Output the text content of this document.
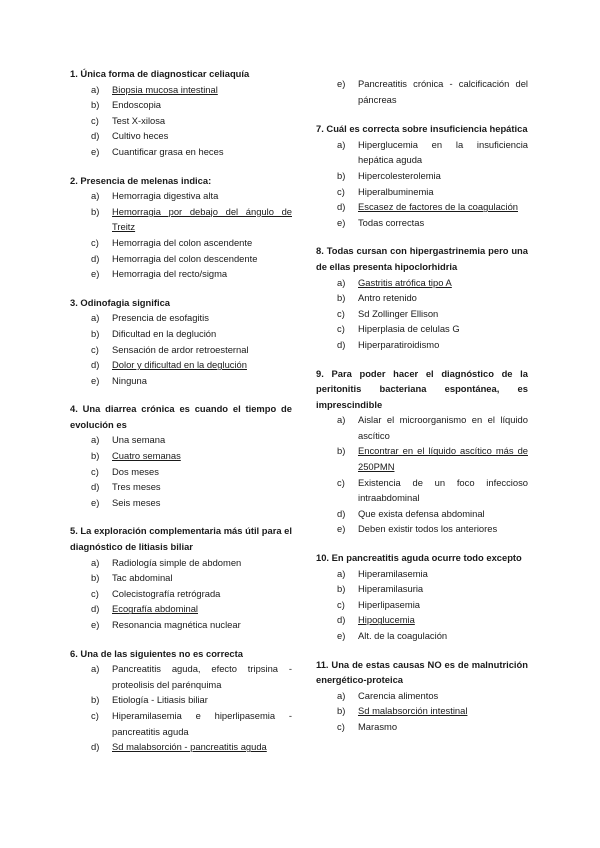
1. Única forma de diagnosticar celiaquía
a)	Biopsia mucosa intestinal
b)	Endoscopia
c)	Test X-xilosa
d)	Cultivo heces
e)	Cuantificar grasa en heces
2. Presencia de melenas indica:
a)	Hemorragia digestiva alta
b)	Hemorragia por debajo del ángulo de Treitz
c)	Hemorragia del colon ascendente
d)	Hemorragia del colon descendente
e)	Hemorragia del recto/sigma
3. Odinofagia significa
a)	Presencia de esofagitis
b)	Dificultad en la deglución
c)	Sensación de ardor retroesternal
d)	Dolor y dificultad en la deglución
e)	Ninguna
4. Una diarrea crónica es cuando el tiempo de evolución es
a)	Una semana
b)	Cuatro semanas
c)	Dos meses
d)	Tres meses
e)	Seis meses
5. La exploración complementaria más útil para el diagnóstico de litiasis biliar
a)	Radiología simple de abdomen
b)	Tac abdominal
c)	Colecistografía retrógrada
d)	Ecografía abdominal
e)	Resonancia magnética nuclear
6. Una de las siguientes no es correcta
a)	Pancreatitis aguda, efecto tripsina - proteolisis del parénquima
b)	Etiología - Litiasis biliar
c)	Hiperamilasemia e hiperlipasemia - pancreatitis aguda
d)	Sd malabsorción - pancreatitis aguda
e)	Pancreatitis crónica - calcificación del páncreas
7. Cuál es correcta sobre insuficiencia hepática
a)	Hiperglucemia en la insuficiencia hepática aguda
b)	Hipercolesterolemia
c)	Hiperalbuminemia
d)	Escasez de factores de la coagulación
e)	Todas correctas
8. Todas cursan con hipergastrinemia pero una de ellas presenta hipoclorhidria
a)	Gastritis atrófica tipo A
b)	Antro retenido
c)	Sd Zollinger Ellison
c)	Hiperplasia de celulas G
d)	Hiperparatiroidismo
9. Para poder hacer el diagnóstico de la peritonitis bacteriana espontánea, es imprescindible
a)	Aislar el microorganismo en el líquido ascítico
b)	Encontrar en el líquido ascítico más de 250PMN
c)	Existencia de un foco infeccioso intraabdominal
d)	Que exista defensa abdominal
e)	Deben existir todos los anteriores
10. En pancreatitis aguda ocurre todo excepto
a)	Hiperamilasemia
b)	Hiperamilasuria
c)	Hiperlipasemia
d)	Hipoglucemia
e)	Alt. de la coagulación
11. Una de estas causas NO es de malnutrición energético-proteica
a)	Carencia alimentos
b)	Sd malabsorción intestinal
c)	Marasmo
